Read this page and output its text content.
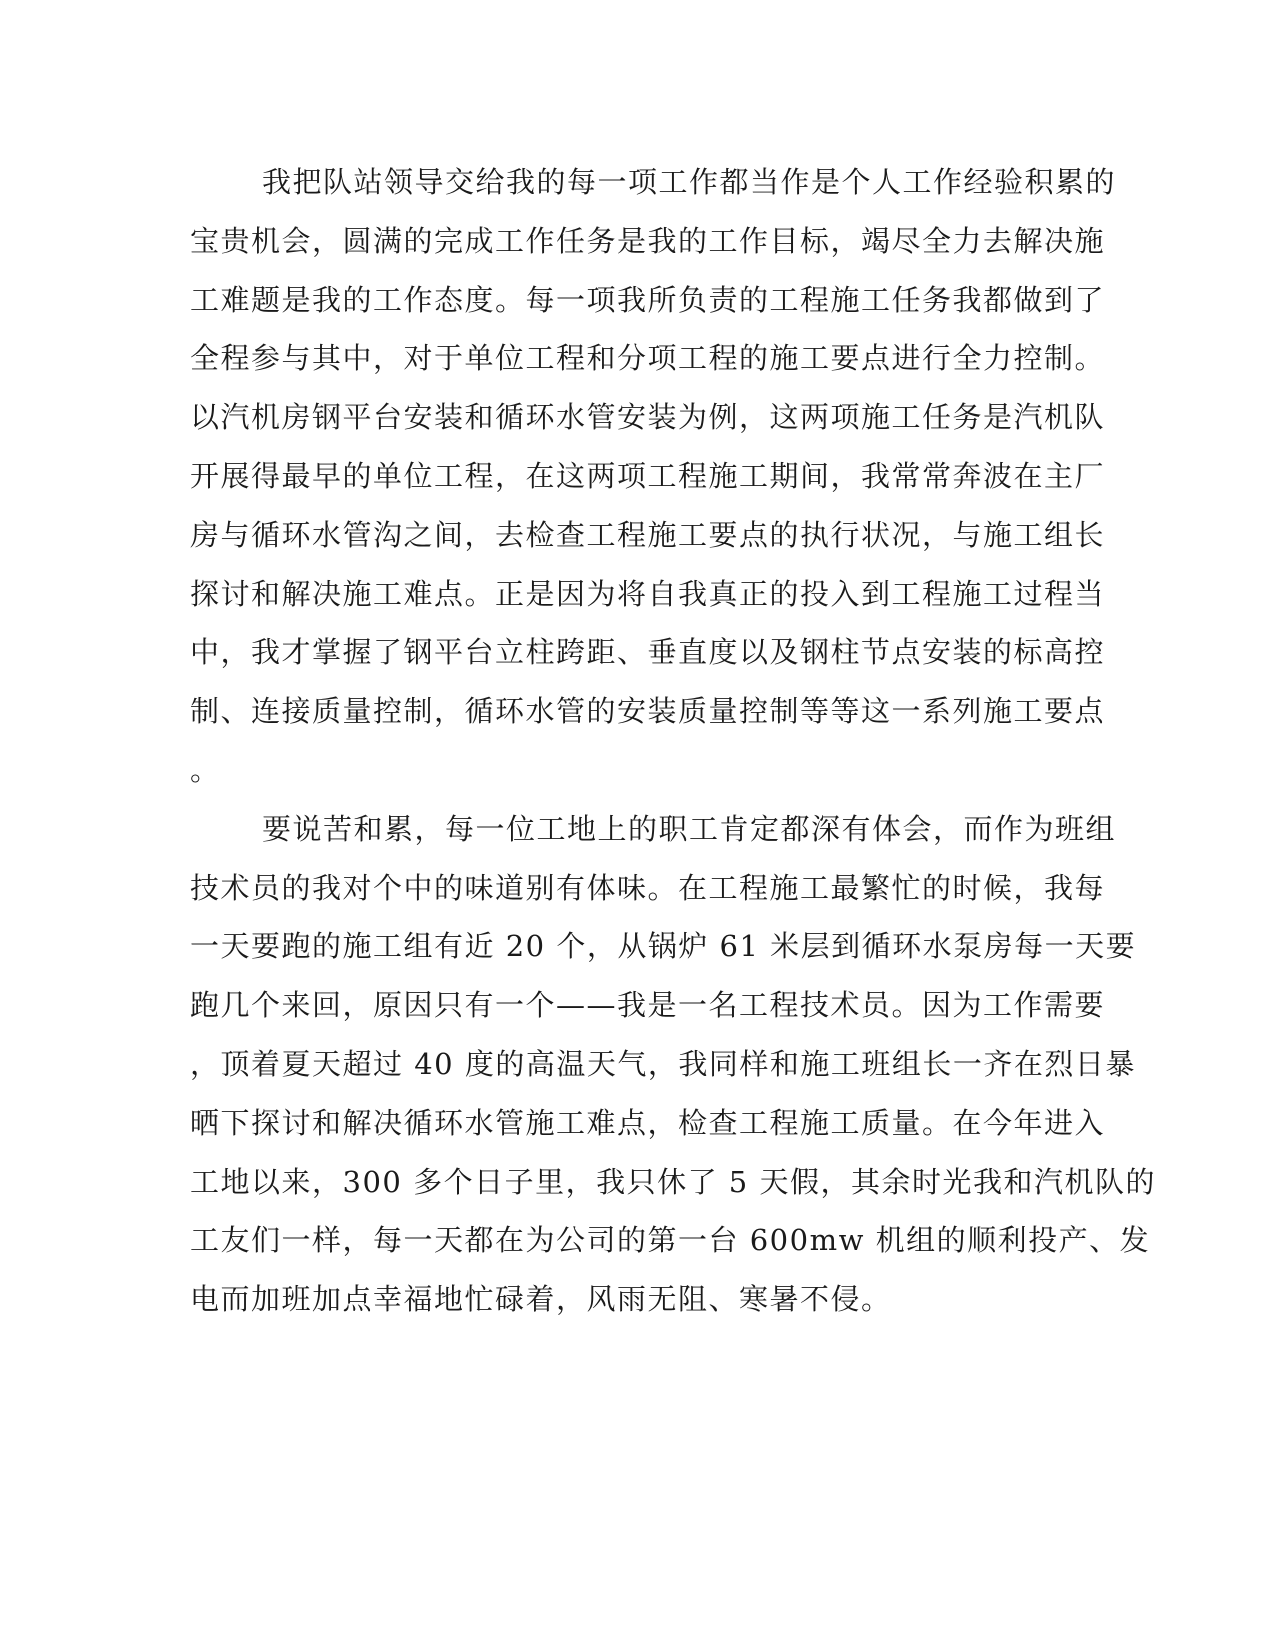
我把队站领导交给我的每一项工作都当作是个人工作经验积累的
宝贵机会，圆满的完成工作任务是我的工作目标，竭尽全力去解决施
工难题是我的工作态度。每一项我所负责的工程施工任务我都做到了
全程参与其中，对于单位工程和分项工程的施工要点进行全力控制。
以汽机房钢平台安装和循环水管安装为例，这两项施工任务是汽机队
开展得最早的单位工程，在这两项工程施工期间，我常常奔波在主厂
房与循环水管沟之间，去检查工程施工要点的执行状况，与施工组长
探讨和解决施工难点。正是因为将自我真正的投入到工程施工过程当
中，我才掌握了钢平台立柱跨距、垂直度以及钢柱节点安装的标高控
制、连接质量控制，循环水管的安装质量控制等等这一系列施工要点
。
要说苦和累，每一位工地上的职工肯定都深有体会，而作为班组
技术员的我对个中的味道别有体味。在工程施工最繁忙的时候，我每
一天要跑的施工组有近 20 个，从锅炉 61 米层到循环水泵房每一天要
跑几个来回，原因只有一个——我是一名工程技术员。因为工作需要
，顶着夏天超过 40 度的高温天气，我同样和施工班组长一齐在烈日暴
晒下探讨和解决循环水管施工难点，检查工程施工质量。在今年进入
工地以来，300 多个日子里，我只休了 5 天假，其余时光我和汽机队的
工友们一样，每一天都在为公司的第一台 600mw 机组的顺利投产、发
电而加班加点幸福地忙碌着，风雨无阻、寒暑不侵。
